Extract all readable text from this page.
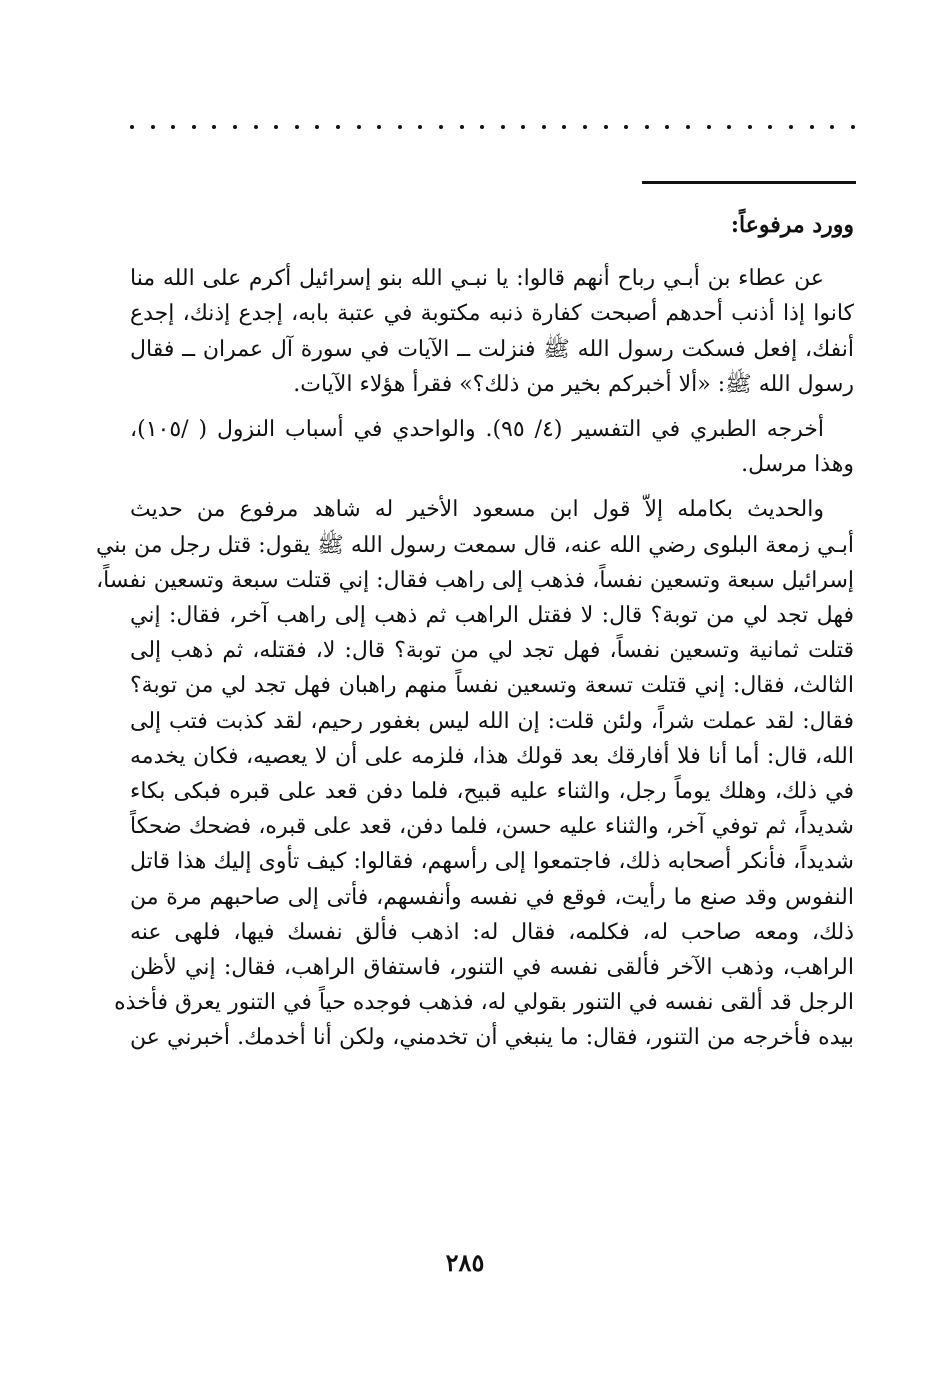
وورد مرفوعاً:

عن عطاء بن أبـي رباح أنهم قالوا: يا نبـي الله بنو إسرائيل أكرم على الله منا
كانوا إذا أذنب أحدهم أصبحت كفارة ذنبه مكتوبة في عتبة بابه، إجدع إذنك، إجدع
أنفك، إفعل فسكت رسول الله ﷺ فنزلت ــ الآيات في سورة آل عمران ــ فقال
رسول الله ﷺ: «ألا أخبركم بخير من ذلك؟» فقرأ هؤلاء الآيات.

أخرجه الطبري في التفسير (٤/ ٩٥). والواحدي في أسباب النزول ( /١٠٥)،
وهذا مرسل.

والحديث بكامله إلاّ قول ابن مسعود الأخير له شاهد مرفوع من حديث
أبـي زمعة البلوى رضي الله عنه، قال سمعت رسول الله ﷺ يقول: قتل رجل من بني
إسرائيل سبعة وتسعين نفساً، فذهب إلى راهب فقال: إني قتلت سبعة وتسعين نفساً،
فهل تجد لي من توبة؟ قال: لا فقتل الراهب ثم ذهب إلى راهب آخر، فقال: إني
قتلت ثمانية وتسعين نفساً، فهل تجد لي من توبة؟ قال: لا، فقتله، ثم ذهب إلى
الثالث، فقال: إني قتلت تسعة وتسعين نفساً منهم راهبان فهل تجد لي من توبة؟
فقال: لقد عملت شراً، ولئن قلت: إن الله ليس بغفور رحيم، لقد كذبت فتب إلى
الله، قال: أما أنا فلا أفارقك بعد قولك هذا، فلزمه على أن لا يعصيه، فكان يخدمه
في ذلك، وهلك يوماً رجل، والثناء عليه قبيح، فلما دفن قعد على قبره فبكى بكاء
شديداً، ثم توفي آخر، والثناء عليه حسن، فلما دفن، قعد على قبره، فضحك ضحكاً
شديداً، فأنكر أصحابه ذلك، فاجتمعوا إلى رأسهم، فقالوا: كيف تأوى إليك هذا قاتل
النفوس وقد صنع ما رأيت، فوقع في نفسه وأنفسهم، فأتى إلى صاحبهم مرة من
ذلك، ومعه صاحب له، فكلمه، فقال له: اذهب فألق نفسك فيها، فلهى عنه
الراهب، وذهب الآخر فألقى نفسه في التنور، فاستفاق الراهب، فقال: إني لأظن
الرجل قد ألقى نفسه في التنور بقولي له، فذهب فوجده حياً في التنور يعرق فأخذه
بيده فأخرجه من التنور، فقال: ما ينبغي أن تخدمني، ولكن أنا أخدمك. أخبرني عن

٢٨٥
